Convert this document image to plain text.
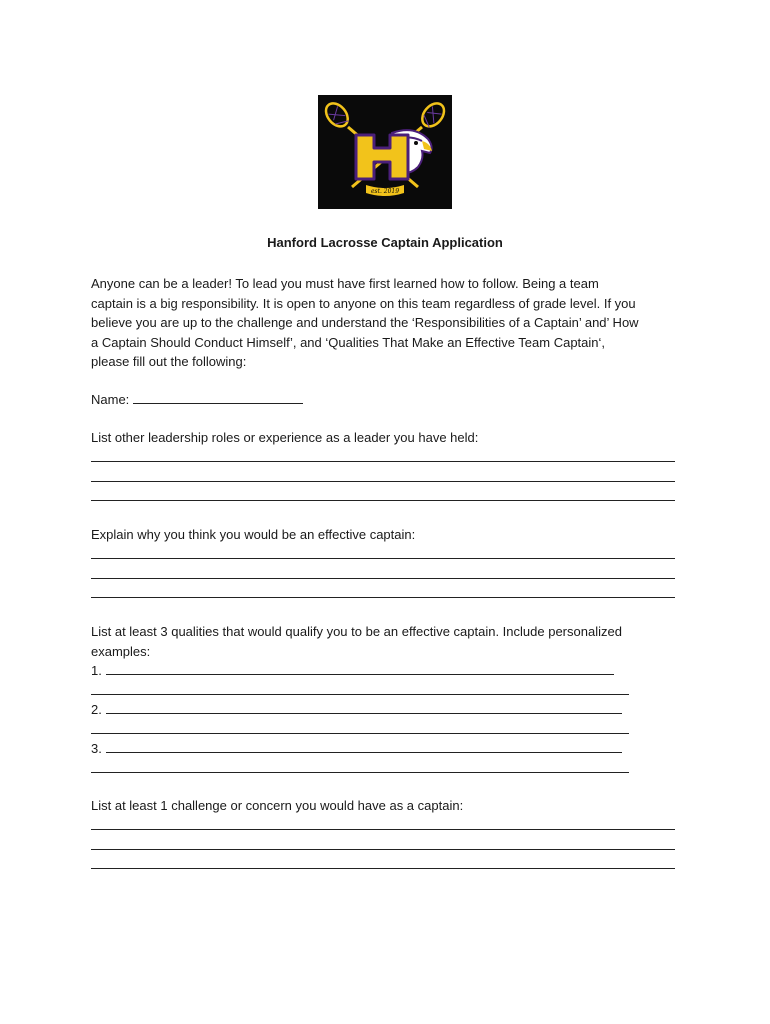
est. 2019
Hanford Lacrosse Captain Application
Anyone can be a leader! To lead you must have first learned how to follow. Being a team
captain is a big responsibility. It is open to anyone on this team regardless of grade level. If you
believe you are up to the challenge and understand the ‘Responsibilities of a Captain’ and’ How
a Captain Should Conduct Himself’, and ‘Qualities That Make an Effective Team Captain‘,
please fill out the following:
Name:
List other leadership roles or experience as a leader you have held:
Explain why you think you would be an effective captain:
List at least 3 qualities that would qualify you to be an effective captain. Include personalized
examples:
1.
2.
3.
List at least 1 challenge or concern you would have as a captain:
